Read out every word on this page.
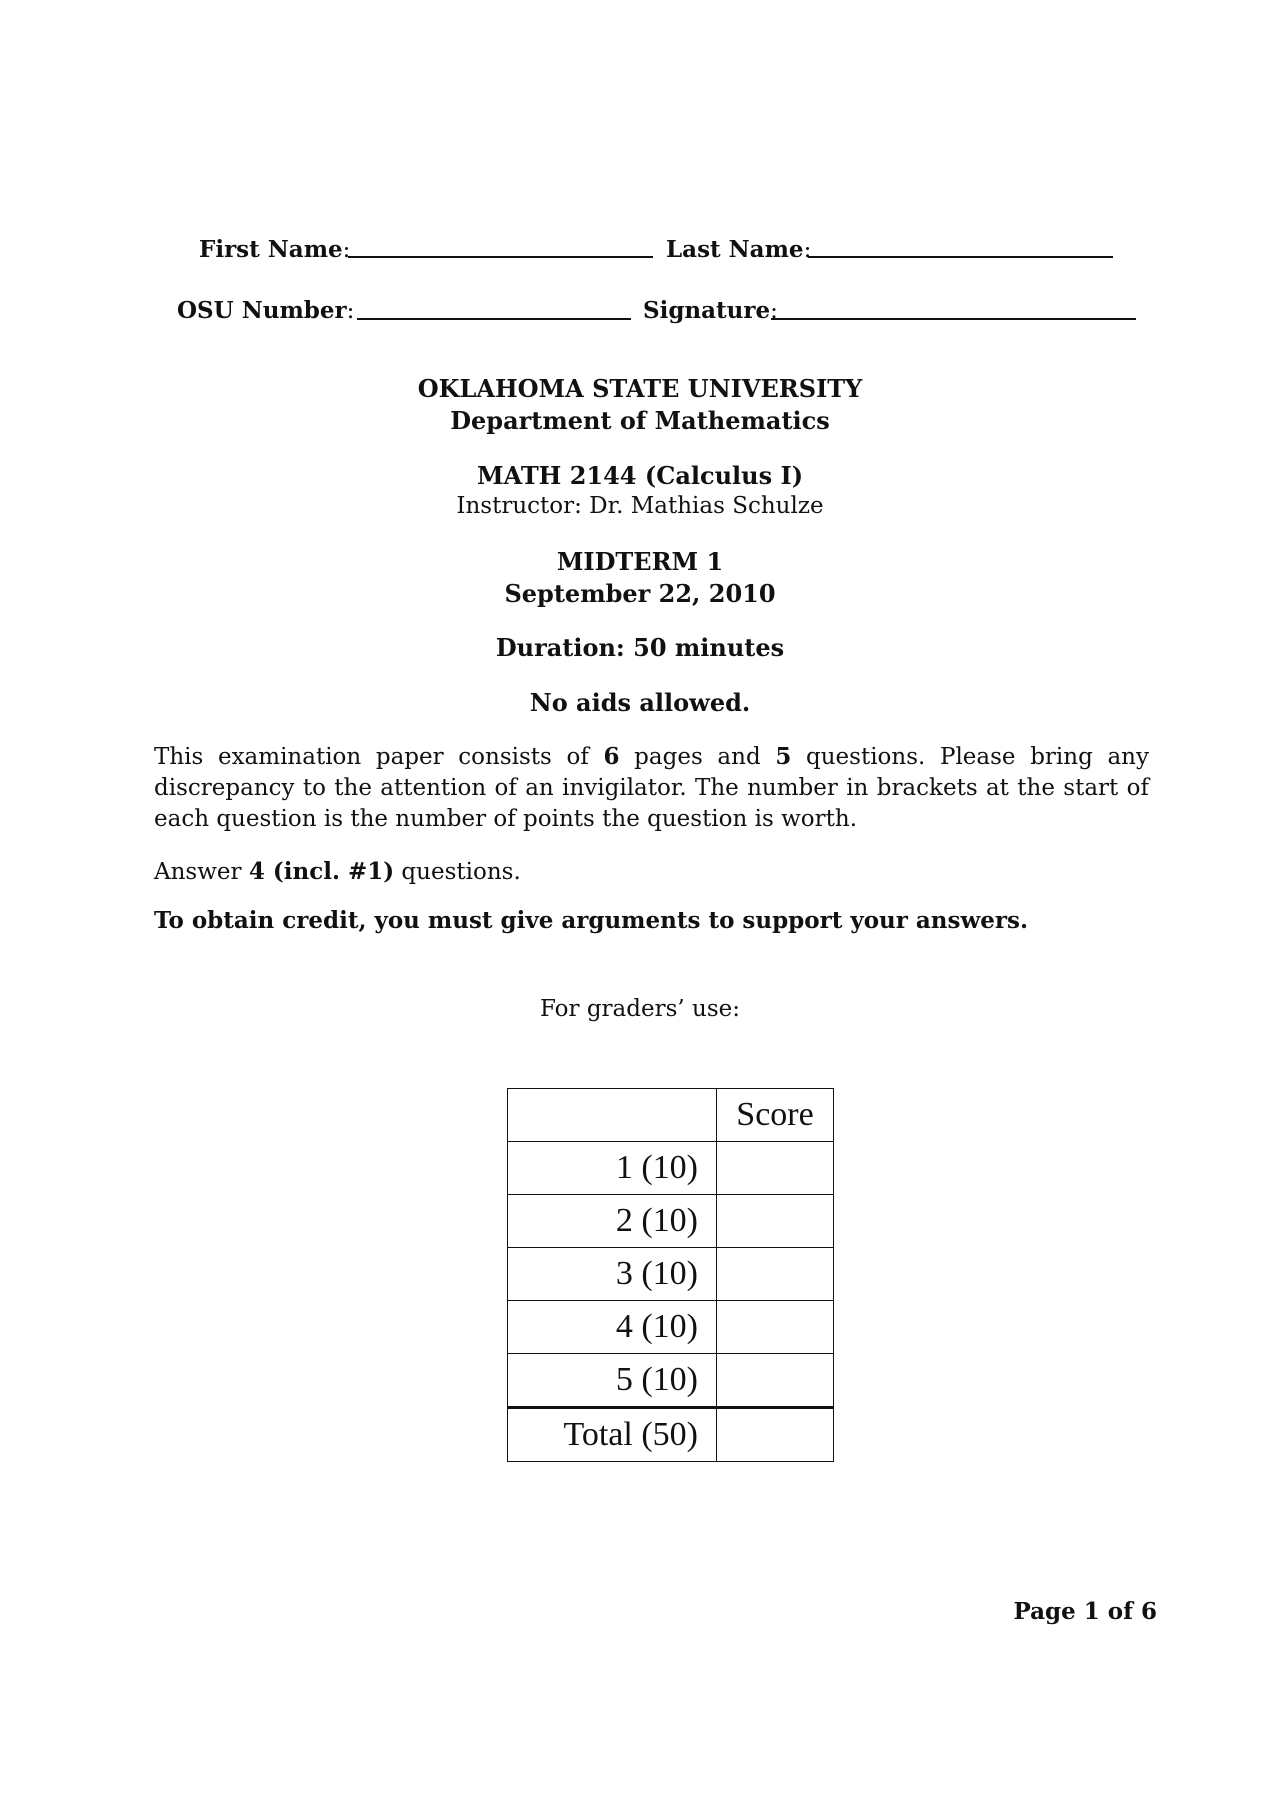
First Name:	Last Name:
OSU Number:	Signature:
OKLAHOMA STATE UNIVERSITY
Department of Mathematics
MATH 2144 (Calculus I)
Instructor: Dr. Mathias Schulze
MIDTERM 1
September 22, 2010
Duration: 50 minutes
No aids allowed.
This examination paper consists of 6 pages and 5 questions. Please bring any discrepancy to the attention of an invigilator. The number in brackets at the start of each question is the number of points the question is worth.
Answer 4 (incl. #1) questions.
To obtain credit, you must give arguments to support your answers.
For graders’ use:
	Score
1 (10)	
2 (10)	
3 (10)	
4 (10)	
5 (10)	
Total (50)	
Page 1 of 6
